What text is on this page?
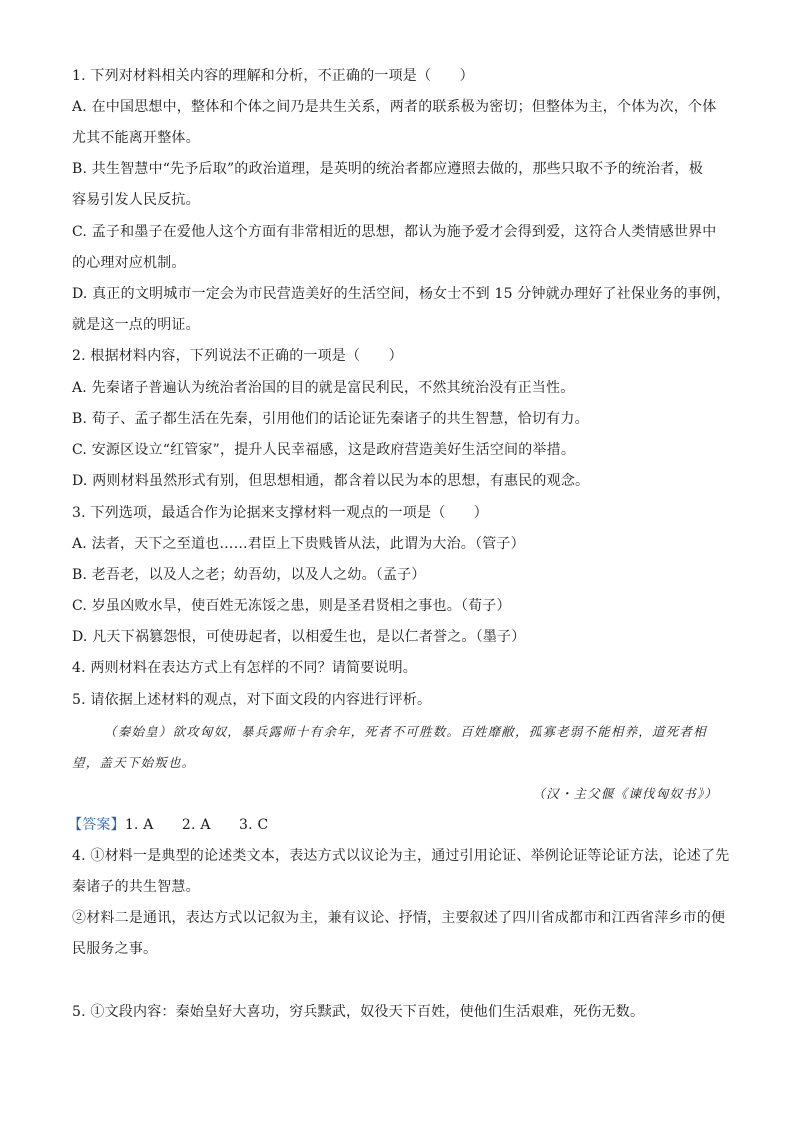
1. 下列对材料相关内容的理解和分析，不正确的一项是（　　）
A. 在中国思想中，整体和个体之间乃是共生关系，两者的联系极为密切；但整体为主，个体为次，个体
尤其不能离开整体。
B. 共生智慧中“先予后取”的政治道理，是英明的统治者都应遵照去做的，那些只取不予的统治者，极
容易引发人民反抗。
C. 孟子和墨子在爱他人这个方面有非常相近的思想，都认为施予爱才会得到爱，这符合人类情感世界中
的心理对应机制。
D. 真正的文明城市一定会为市民营造美好的生活空间，杨女士不到 15 分钟就办理好了社保业务的事例，
就是这一点的明证。
2. 根据材料内容，下列说法不正确的一项是（　　）
A. 先秦诸子普遍认为统治者治国的目的就是富民利民，不然其统治没有正当性。
B. 荀子、孟子都生活在先秦，引用他们的话论证先秦诸子的共生智慧，恰切有力。
C. 安源区设立“红管家”，提升人民幸福感，这是政府营造美好生活空间的举措。
D. 两则材料虽然形式有别，但思想相通，都含着以民为本的思想，有惠民的观念。
3. 下列选项，最适合作为论据来支撑材料一观点的一项是（　　）
A. 法者，天下之至道也……君臣上下贵贱皆从法，此谓为大治。（管子）
B. 老吾老，以及人之老；幼吾幼，以及人之幼。（孟子）
C. 岁虽凶败水旱，使百姓无冻馁之患，则是圣君贤相之事也。（荀子）
D. 凡天下祸篡怨恨，可使毋起者，以相爱生也，是以仁者誉之。（墨子）
4. 两则材料在表达方式上有怎样的不同？请简要说明。
5. 请依据上述材料的观点，对下面文段的内容进行评析。
（秦始皇）欲攻匈奴，暴兵露师十有余年，死者不可胜数。百姓靡敝，孤寡老弱不能相养，道死者相
望，盖天下始叛也。
（汉・主父偃《谏伐匈奴书》）
【答案】1. A　　2. A　　3. C
4. ①材料一是典型的论述类文本，表达方式以议论为主，通过引用论证、举例论证等论证方法，论述了先
秦诸子的共生智慧。
②材料二是通讯，表达方式以记叙为主，兼有议论、抒情，主要叙述了四川省成都市和江西省萍乡市的便
民服务之事。
5. ①文段内容：秦始皇好大喜功，穷兵黩武，奴役天下百姓，使他们生活艰难，死伤无数。
